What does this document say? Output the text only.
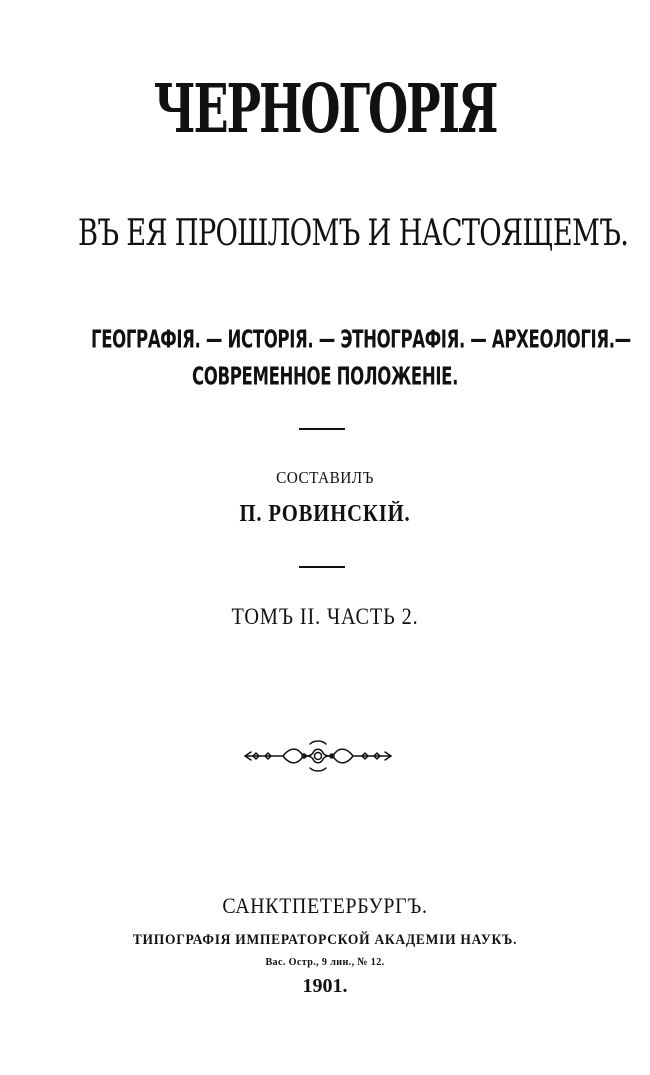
ЧЕРНОГОРІЯ
ВЪ ЕЯ ПРОШЛОМЪ И НАСТОЯЩЕМЪ.
ГЕОГРАФІЯ. — ИСТОРІЯ. — ЭТНОГРАФІЯ. — АРХЕОЛОГІЯ.—
СОВРЕМЕННОЕ ПОЛОЖЕНІЕ.
СОСТАВИЛЪ
П. РОВИНСКІЙ.
ТОМЪ II. ЧАСТЬ 2.
САНКТПЕТЕРБУРГЪ.
ТИПОГРАФІЯ ИМПЕРАТОРСКОЙ АКАДЕМІИ НАУКЪ.
Вас. Остр., 9 лин., № 12.
1901.
